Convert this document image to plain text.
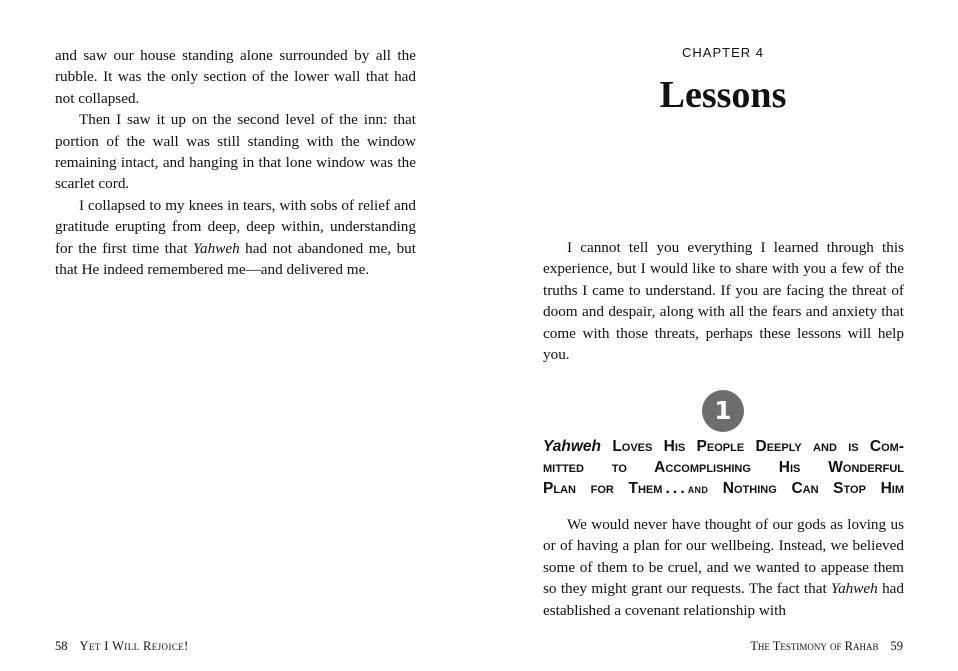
and saw our house standing alone surrounded by all the rubble. It was the only section of the lower wall that had not collapsed.

Then I saw it up on the second level of the inn: that portion of the wall was still standing with the window remaining intact, and hanging in that lone window was the scarlet cord.

I collapsed to my knees in tears, with sobs of relief and gratitude erupting from deep, deep within, understanding for the first time that Yahweh had not abandoned me, but that He indeed remembered me—and delivered me.

CHAPTER 4
Lessons

I cannot tell you everything I learned through this experience, but I would like to share with you a few of the truths I came to understand. If you are facing the threat of doom and despair, along with all the fears and anxiety that come with those threats, perhaps these lessons will help you.

1
Yahweh Loves His People Deeply and is Com-
mitted to Accomplishing His Wonderful
Plan for Them . . . and Nothing Can Stop Him

We would never have thought of our gods as loving us or of having a plan for our wellbeing. Instead, we believed some of them to be cruel, and we wanted to appease them so they might grant our requests. The fact that Yahweh had established a covenant relationship with

58 Yet I Will Rejoice!	The Testimony of Rahab 59
